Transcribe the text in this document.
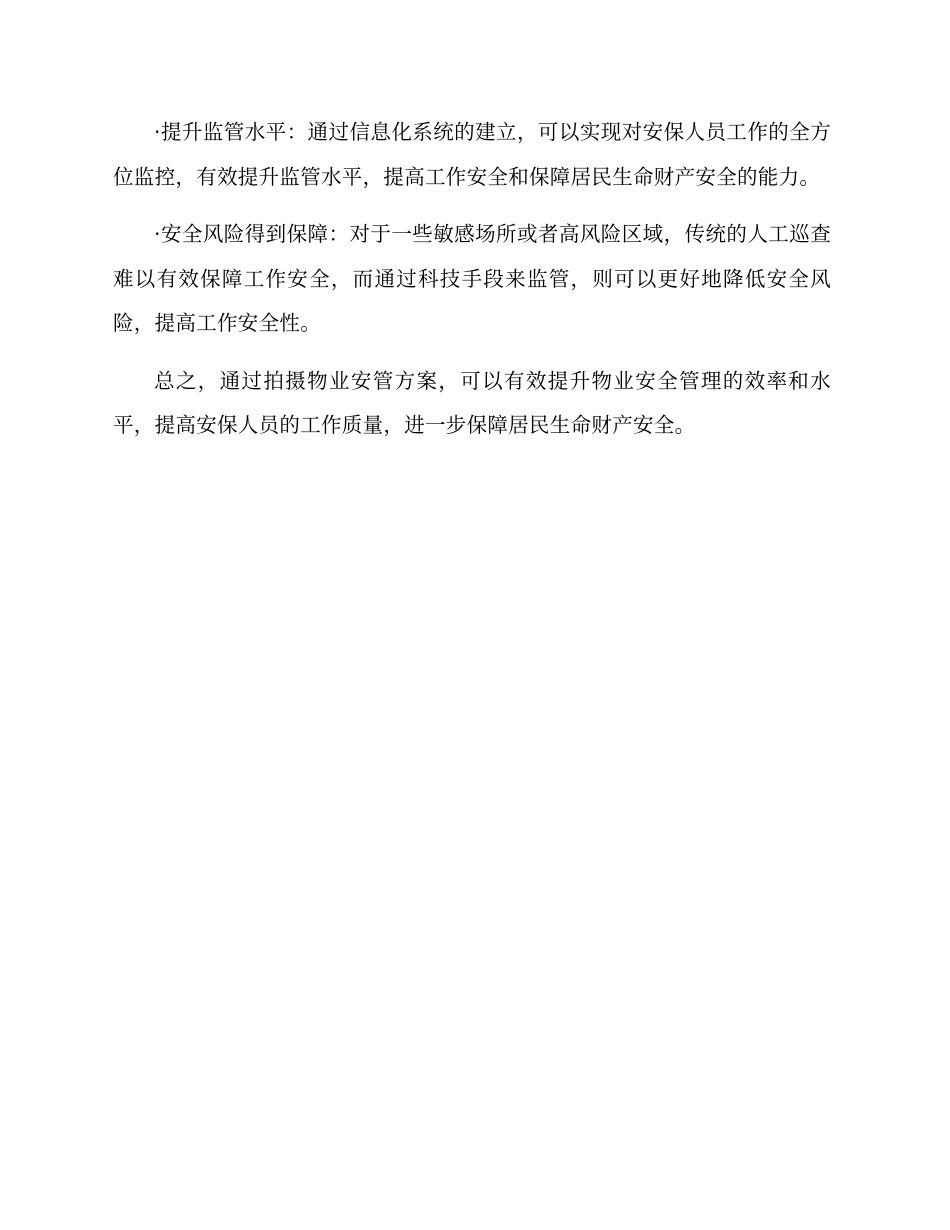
·提升监管水平：通过信息化系统的建立，可以实现对安保人员工作的全方位监控，有效提升监管水平，提高工作安全和保障居民生命财产安全的能力。

·安全风险得到保障：对于一些敏感场所或者高风险区域，传统的人工巡查难以有效保障工作安全，而通过科技手段来监管，则可以更好地降低安全风险，提高工作安全性。

总之，通过拍摄物业安管方案，可以有效提升物业安全管理的效率和水平，提高安保人员的工作质量，进一步保障居民生命财产安全。
